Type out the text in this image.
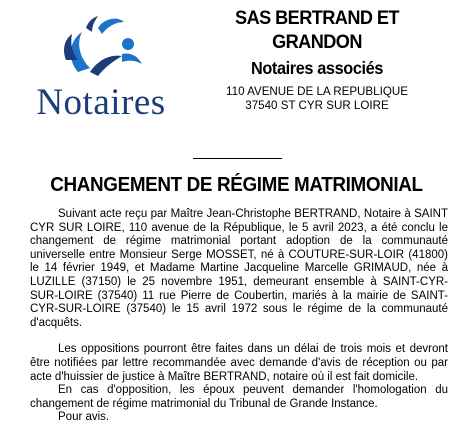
Notaires
SAS BERTRAND ET GRANDON
Notaires associés
110 AVENUE DE LA REPUBLIQUE
37540 ST CYR SUR LOIRE
CHANGEMENT DE RÉGIME MATRIMONIAL

Suivant acte reçu par Maître Jean-Christophe BERTRAND, Notaire à SAINT CYR SUR LOIRE, 110 avenue de la République, le 5 avril 2023, a été conclu le changement de régime matrimonial portant adoption de la communauté universelle entre Monsieur Serge MOSSET, né à COUTURE-SUR-LOIR (41800) le 14 février 1949, et Madame Martine Jacqueline Marcelle GRIMAUD, née à LUZILLE (37150) le 25 novembre 1951, demeurant ensemble à SAINT-CYR-SUR-LOIRE (37540) 11 rue Pierre de Coubertin, mariés à la mairie de SAINT-CYR-SUR-LOIRE (37540) le 15 avril 1972 sous le régime de la communauté d'acquêts.

Les oppositions pourront être faites dans un délai de trois mois et devront être notifiées par lettre recommandée avec demande d'avis de réception ou par acte d'huissier de justice à Maître BERTRAND, notaire où il est fait domicile.

En cas d'opposition, les époux peuvent demander l'homologation du changement de régime matrimonial du Tribunal de Grande Instance.

Pour avis.
